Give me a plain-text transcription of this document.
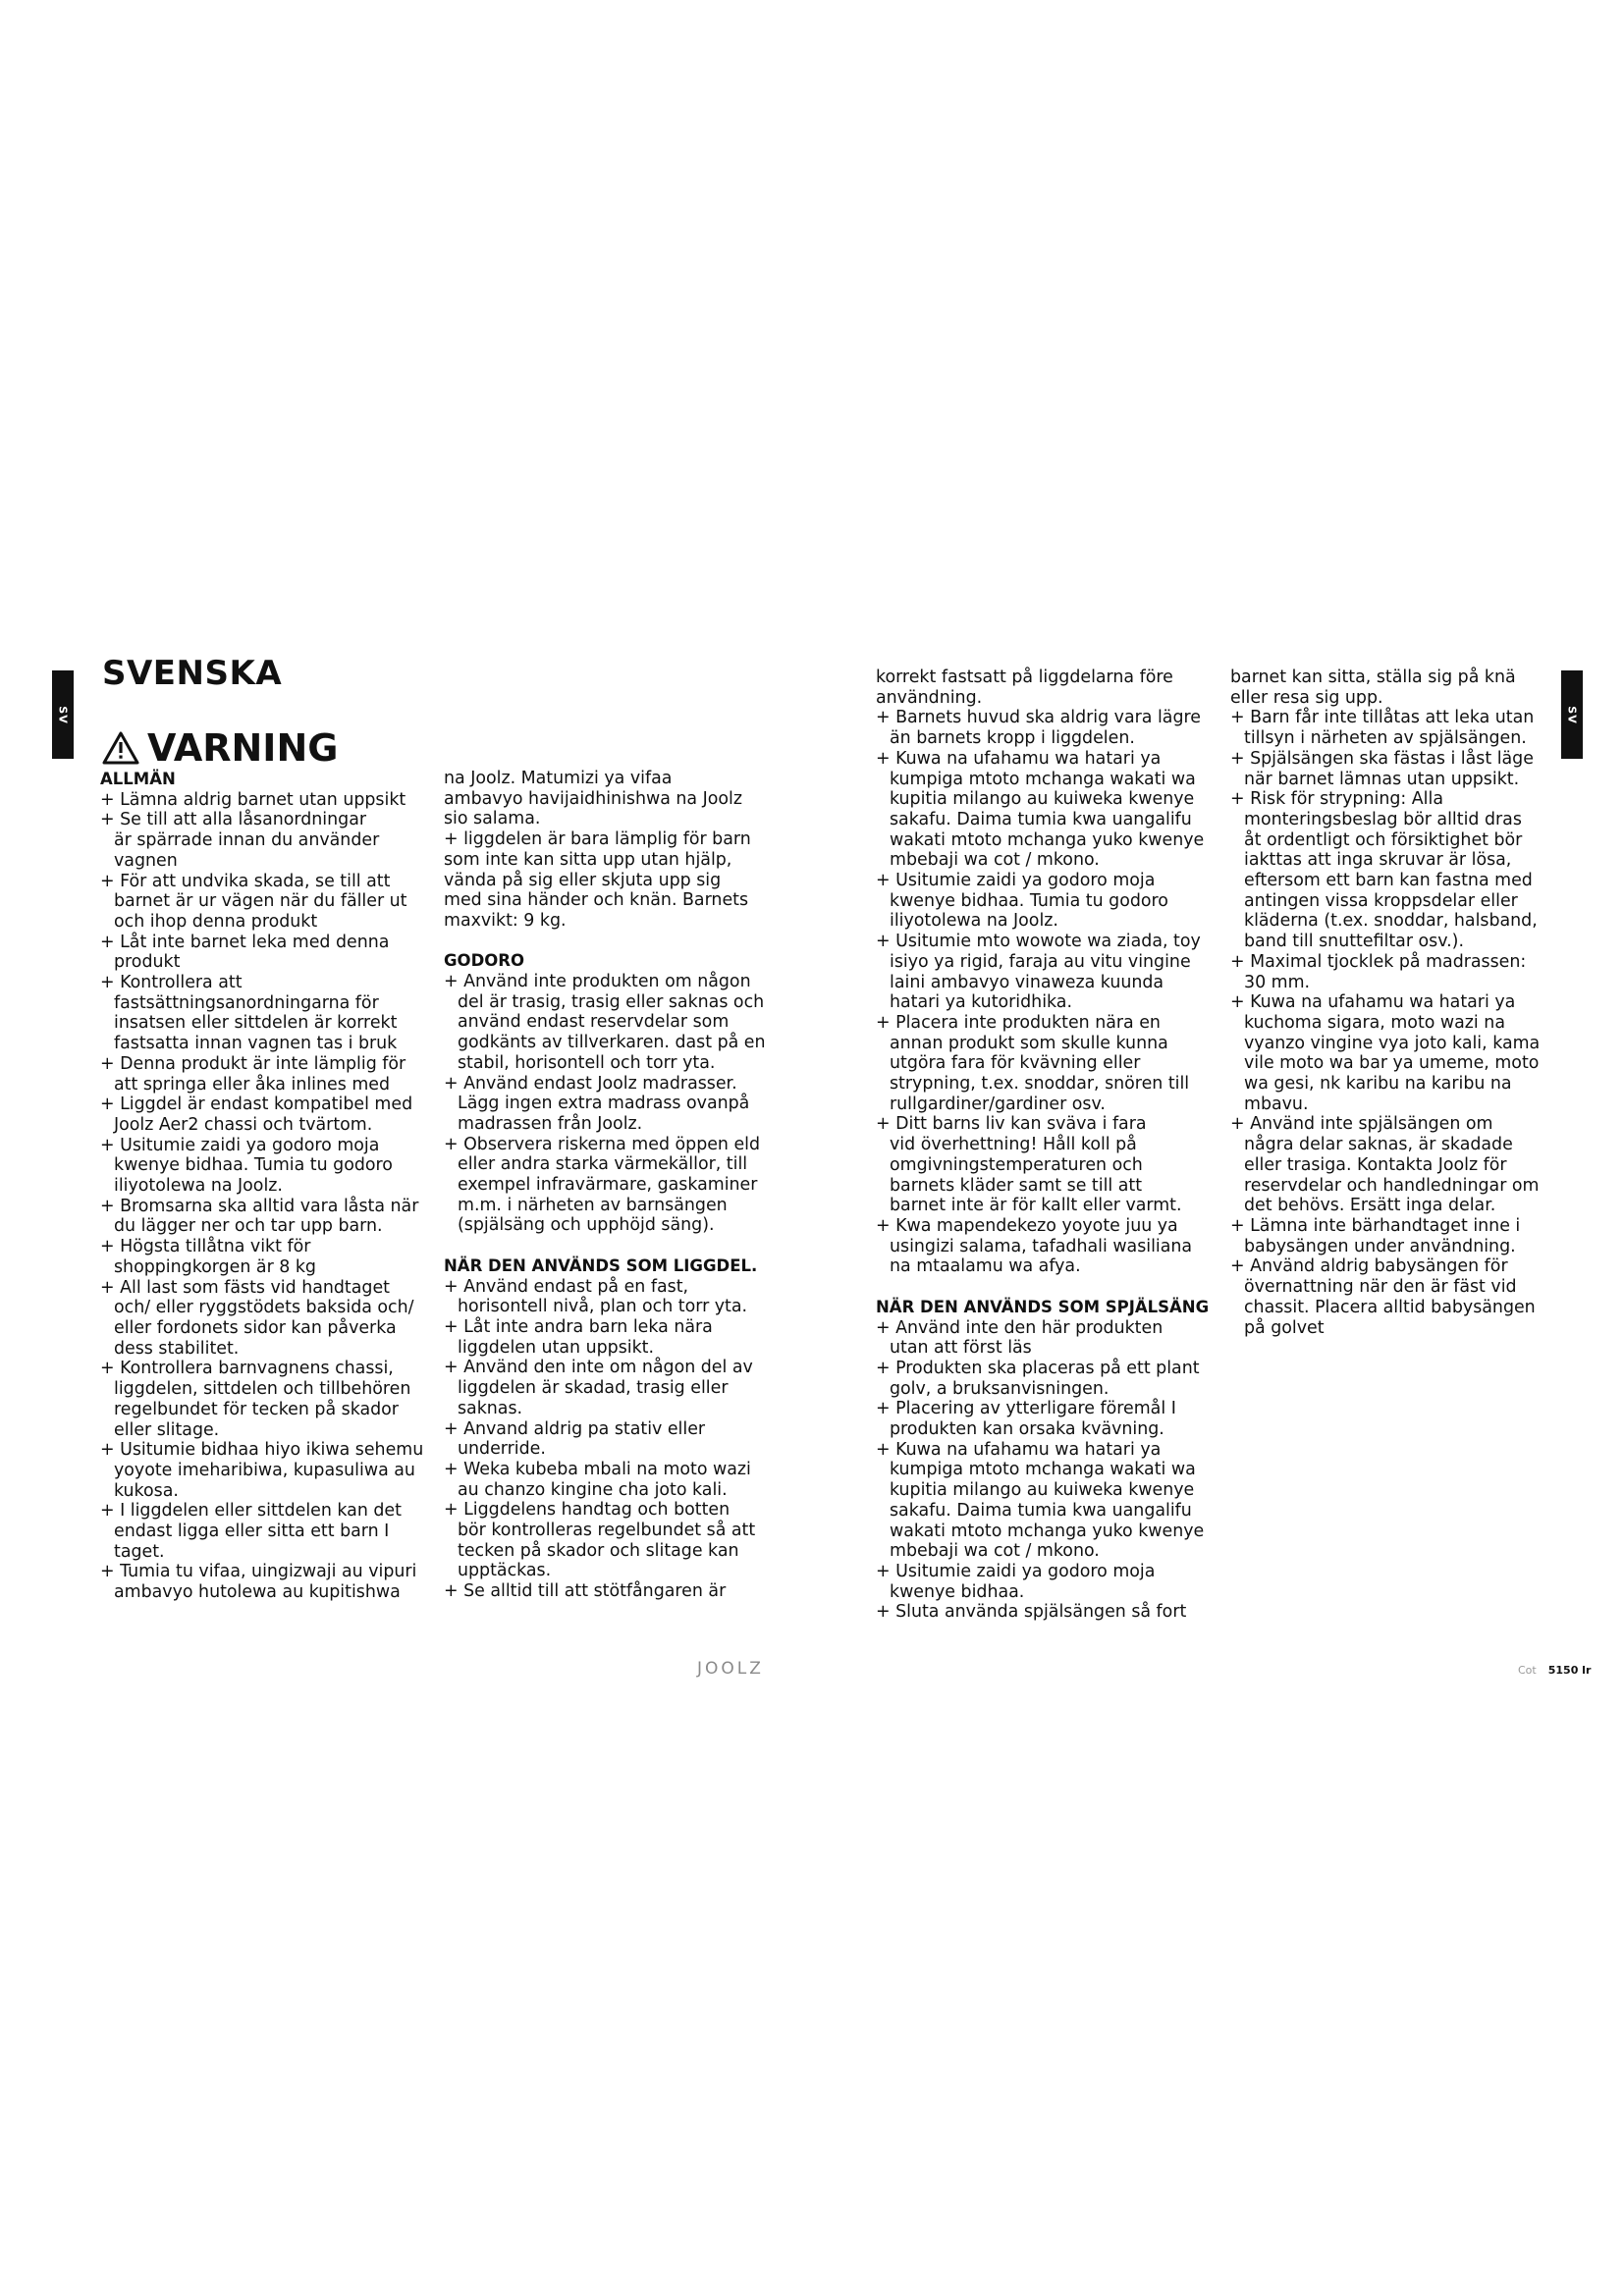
SV	SV
SVENSKA
VARNING
ALLMÄN

+ Lämna aldrig barnet utan uppsikt

+ Se till att alla låsanordningar

är spärrade innan du använder

vagnen

+ För att undvika skada, se till att

barnet är ur vägen när du fäller ut

och ihop denna produkt

+ Låt inte barnet leka med denna

produkt

+ Kontrollera att

fastsättningsanordningarna för

insatsen eller sittdelen är korrekt

fastsatta innan vagnen tas i bruk

+ Denna produkt är inte lämplig för

att springa eller åka inlines med

+ Liggdel är endast kompatibel med

Joolz Aer2 chassi och tvärtom.

+ Usitumie zaidi ya godoro moja

kwenye bidhaa. Tumia tu godoro

iliyotolewa na Joolz.

+ Bromsarna ska alltid vara låsta när

du lägger ner och tar upp barn.

+ Högsta tillåtna vikt för

shoppingkorgen är 8 kg

+ All last som fästs vid handtaget

och/ eller ryggstödets baksida och/

eller fordonets sidor kan påverka

dess stabilitet.

+ Kontrollera barnvagnens chassi,

liggdelen, sittdelen och tillbehören

regelbundet för tecken på skador

eller slitage.

+ Usitumie bidhaa hiyo ikiwa sehemu

yoyote imeharibiwa, kupasuliwa au

kukosa.

+ I liggdelen eller sittdelen kan det

endast ligga eller sitta ett barn I

taget.

+ Tumia tu vifaa, uingizwaji au vipuri

ambavyo hutolewa au kupitishwa

na Joolz. Matumizi ya vifaa

ambavyo havijaidhinishwa na Joolz

sio salama.

+ liggdelen är bara lämplig för barn

som inte kan sitta upp utan hjälp,

vända på sig eller skjuta upp sig

med sina händer och knän. Barnets

maxvikt: 9 kg.

GODORO

+ Använd inte produkten om någon

del är trasig, trasig eller saknas och

använd endast reservdelar som

godkänts av tillverkaren. dast på en

stabil, horisontell och torr yta.

+ Använd endast Joolz madrasser.

Lägg ingen extra madrass ovanpå

madrassen från Joolz.

+ Observera riskerna med öppen eld

eller andra starka värmekällor, till

exempel infravärmare, gaskaminer

m.m. i närheten av barnsängen

(spjälsäng och upphöjd säng).

NÄR DEN ANVÄNDS SOM LIGGDEL.

+ Använd endast på en fast,

horisontell nivå, plan och torr yta.

+ Låt inte andra barn leka nära

liggdelen utan uppsikt.

+ Använd den inte om någon del av

liggdelen är skadad, trasig eller

saknas.

+ Anvand aldrig pa stativ eller

underride.

+ Weka kubeba mbali na moto wazi

au chanzo kingine cha joto kali.

+ Liggdelens handtag och botten

bör kontrolleras regelbundet så att

tecken på skador och slitage kan

upptäckas.

+ Se alltid till att stötfångaren är

korrekt fastsatt på liggdelarna före

användning.

+ Barnets huvud ska aldrig vara lägre

än barnets kropp i liggdelen.

+ Kuwa na ufahamu wa hatari ya

kumpiga mtoto mchanga wakati wa

kupitia milango au kuiweka kwenye

sakafu. Daima tumia kwa uangalifu

wakati mtoto mchanga yuko kwenye

mbebaji wa cot / mkono.

+ Usitumie zaidi ya godoro moja

kwenye bidhaa. Tumia tu godoro

iliyotolewa na Joolz.

+ Usitumie mto wowote wa ziada, toy

isiyo ya rigid, faraja au vitu vingine

laini ambavyo vinaweza kuunda

hatari ya kutoridhika.

+ Placera inte produkten nära en

annan produkt som skulle kunna

utgöra fara för kvävning eller

strypning, t.ex. snoddar, snören till

rullgardiner/gardiner osv.

+ Ditt barns liv kan sväva i fara

vid överhettning! Håll koll på

omgivningstemperaturen och

barnets kläder samt se till att

barnet inte är för kallt eller varmt.

+ Kwa mapendekezo yoyote juu ya

usingizi salama, tafadhali wasiliana

na mtaalamu wa afya.

NÄR DEN ANVÄNDS SOM SPJÄLSÄNG

+ Använd inte den här produkten

utan att först läs

+ Produkten ska placeras på ett plant

golv, a bruksanvisningen.

+ Placering av ytterligare föremål I

produkten kan orsaka kvävning.

+ Kuwa na ufahamu wa hatari ya

kumpiga mtoto mchanga wakati wa

kupitia milango au kuiweka kwenye

sakafu. Daima tumia kwa uangalifu

wakati mtoto mchanga yuko kwenye

mbebaji wa cot / mkono.

+ Usitumie zaidi ya godoro moja

kwenye bidhaa.

+ Sluta använda spjälsängen så fort

barnet kan sitta, ställa sig på knä

eller resa sig upp.

+ Barn får inte tillåtas att leka utan

tillsyn i närheten av spjälsängen.

+ Spjälsängen ska fästas i låst läge

när barnet lämnas utan uppsikt.

+ Risk för strypning: Alla

monteringsbeslag bör alltid dras

åt ordentligt och försiktighet bör

iakttas att inga skruvar är lösa,

eftersom ett barn kan fastna med

antingen vissa kroppsdelar eller

kläderna (t.ex. snoddar, halsband,

band till snuttefiltar osv.).

+ Maximal tjocklek på madrassen:

30 mm.

+ Kuwa na ufahamu wa hatari ya

kuchoma sigara, moto wazi na

vyanzo vingine vya joto kali, kama

vile moto wa bar ya umeme, moto

wa gesi, nk karibu na karibu na

mbavu.

+ Använd inte spjälsängen om

några delar saknas, är skadade

eller trasiga. Kontakta Joolz för

reservdelar och handledningar om

det behövs. Ersätt inga delar.

+ Lämna inte bärhandtaget inne i

babysängen under användning.

+ Använd aldrig babysängen för

övernattning när den är fäst vid

chassit. Placera alltid babysängen

på golvet

JOOLZ	Cot 5150 lr
